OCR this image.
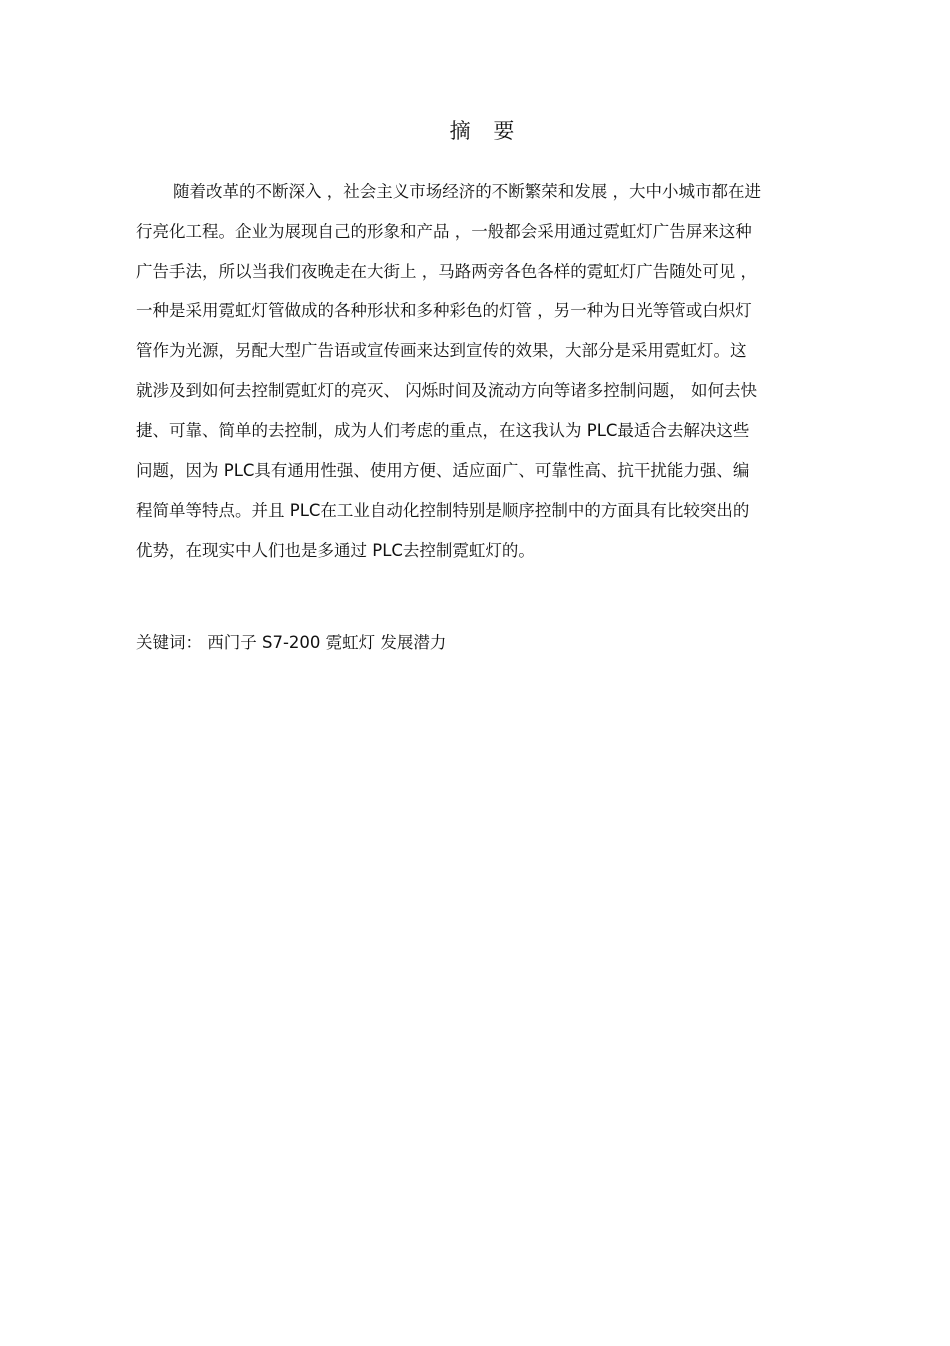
摘 要
随着改革的不断深入 ，社会主义市场经济的不断繁荣和发展 ，大中小城市都在进
行亮化工程。企业为展现自己的形象和产品 ，一般都会采用通过霓虹灯广告屏来这种
广告手法，所以当我们夜晚走在大街上 ，马路两旁各色各样的霓虹灯广告随处可见 ，
一种是采用霓虹灯管做成的各种形状和多种彩色的灯管 ，另一种为日光等管或白炽灯
管作为光源，另配大型广告语或宣传画来达到宣传的效果，大部分是采用霓虹灯。这
就涉及到如何去控制霓虹灯的亮灭、 闪烁时间及流动方向等诸多控制问题， 如何去快
捷、可靠、简单的去控制，成为人们考虑的重点，在这我认为 PLC最适合去解决这些
问题，因为 PLC具有通用性强、使用方便、适应面广、可靠性高、抗干扰能力强、编
程简单等特点。并且 PLC在工业自动化控制特别是顺序控制中的方面具有比较突出的
优势，在现实中人们也是多通过 PLC去控制霓虹灯的。
关键词： 西门子 S7-200 霓虹灯 发展潜力
